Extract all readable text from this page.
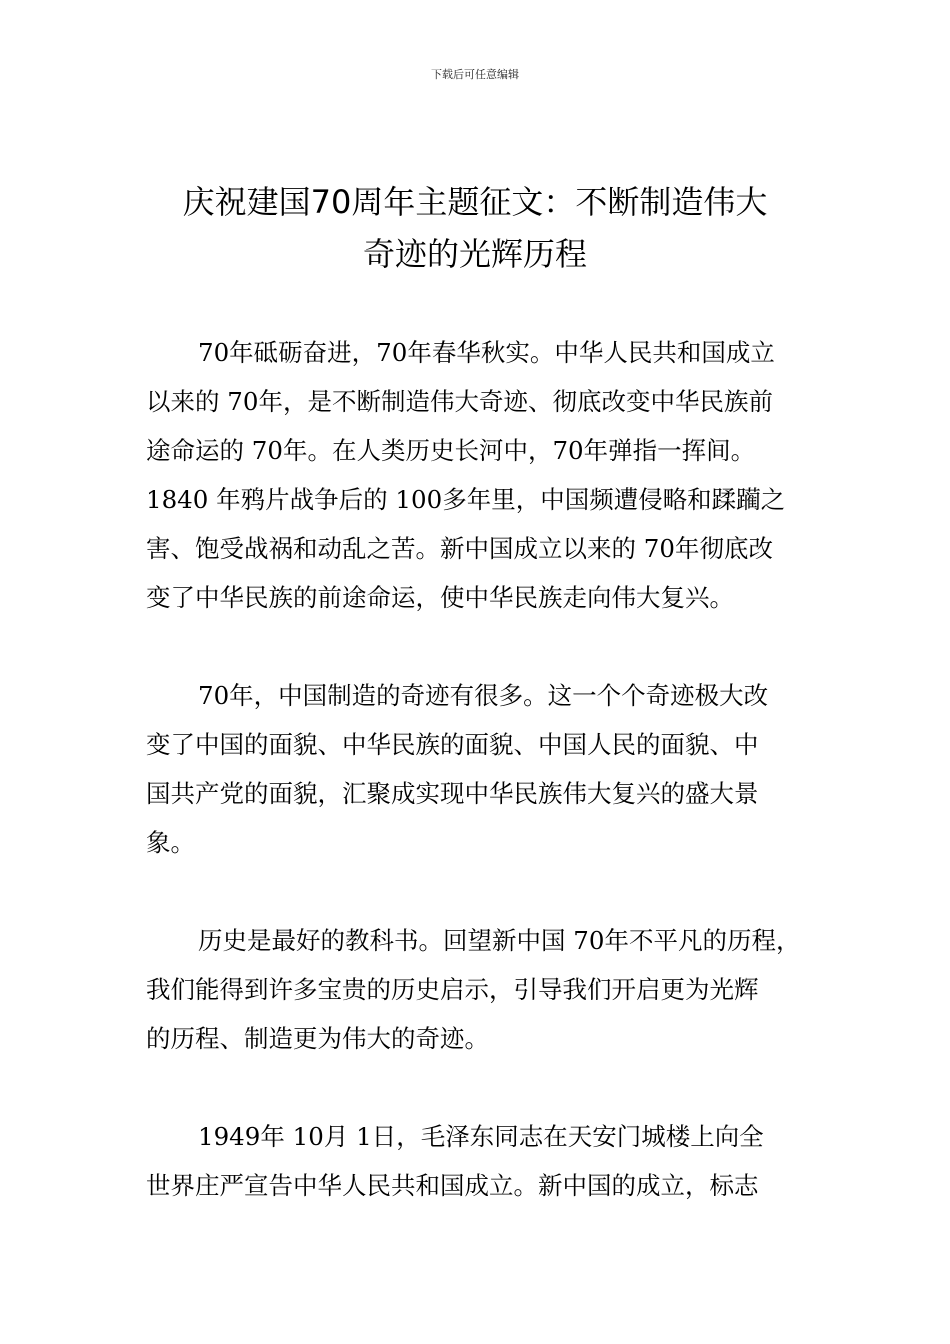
下载后可任意编辑
庆祝建国70周年主题征文：不断制造伟大
奇迹的光辉历程

70年砥砺奋进，70年春华秋实。中华人民共和国成立
以来的 70年，是不断制造伟大奇迹、彻底改变中华民族前
途命运的 70年。在人类历史长河中，70年弹指一挥间。
1840 年鸦片战争后的 100多年里，中国频遭侵略和蹂躏之
害、饱受战祸和动乱之苦。新中国成立以来的 70年彻底改
变了中华民族的前途命运，使中华民族走向伟大复兴。

70年，中国制造的奇迹有很多。这一个个奇迹极大改
变了中国的面貌、中华民族的面貌、中国人民的面貌、中
国共产党的面貌，汇聚成实现中华民族伟大复兴的盛大景
象。

历史是最好的教科书。回望新中国 70年不平凡的历程，
我们能得到许多宝贵的历史启示，引导我们开启更为光辉
的历程、制造更为伟大的奇迹。

1949年 10月 1日，毛泽东同志在天安门城楼上向全
世界庄严宣告中华人民共和国成立。新中国的成立，标志
